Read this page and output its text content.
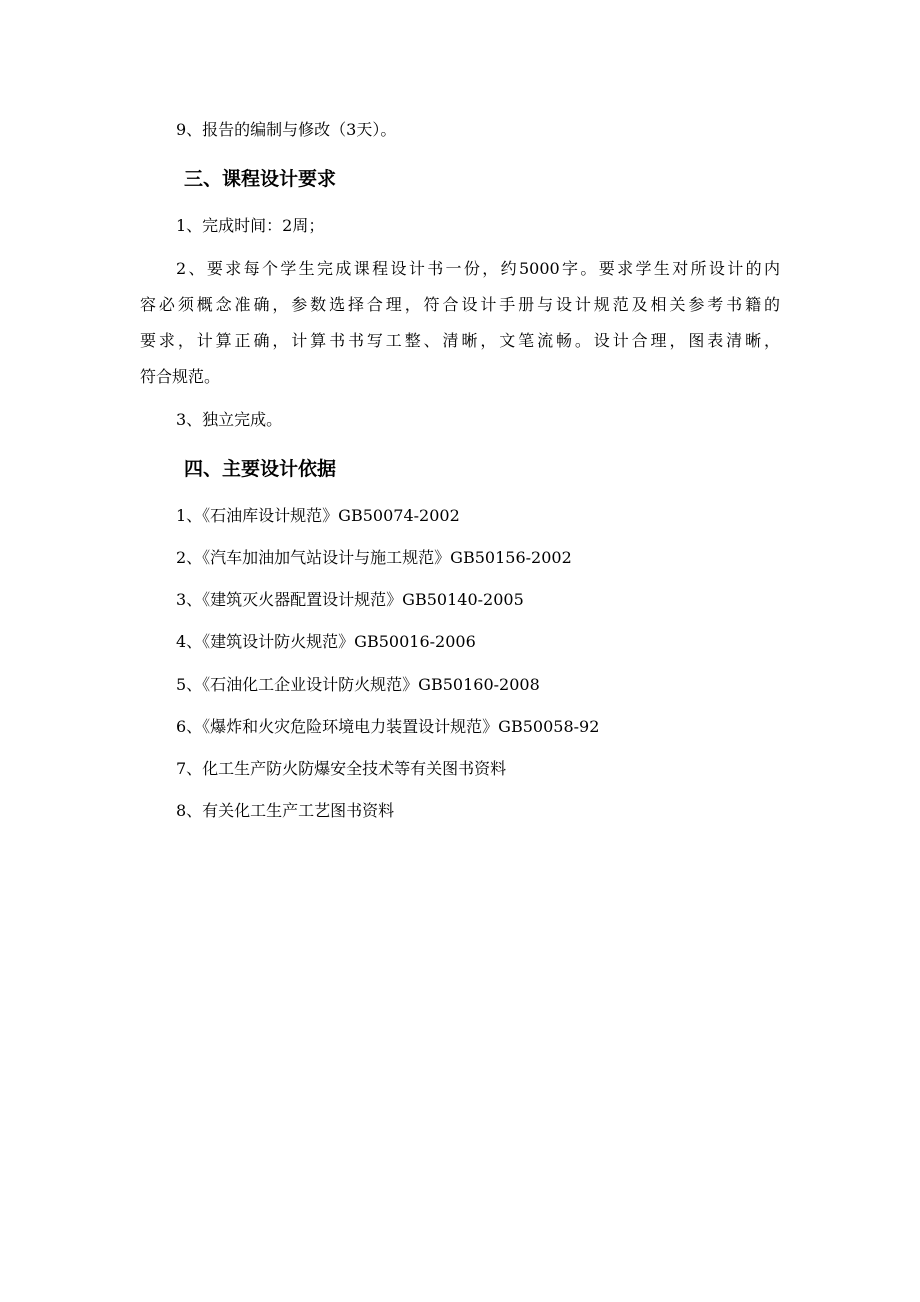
9、报告的编制与修改（3天）。
三、课程设计要求
1、完成时间：2周；
2、要求每个学生完成课程设计书一份，约5000字。要求学生对所设计的内
容必须概念准确，参数选择合理，符合设计手册与设计规范及相关参考书籍的
要求，计算正确，计算书书写工整、清晰，文笔流畅。设计合理，图表清晰，
符合规范。
3、独立完成。
四、主要设计依据
1、《石油库设计规范》GB50074-2002
2、《汽车加油加气站设计与施工规范》GB50156-2002
3、《建筑灭火器配置设计规范》GB50140-2005
4、《建筑设计防火规范》GB50016-2006
5、《石油化工企业设计防火规范》GB50160-2008
6、《爆炸和火灾危险环境电力装置设计规范》GB50058-92
7、化工生产防火防爆安全技术等有关图书资料
8、有关化工生产工艺图书资料
